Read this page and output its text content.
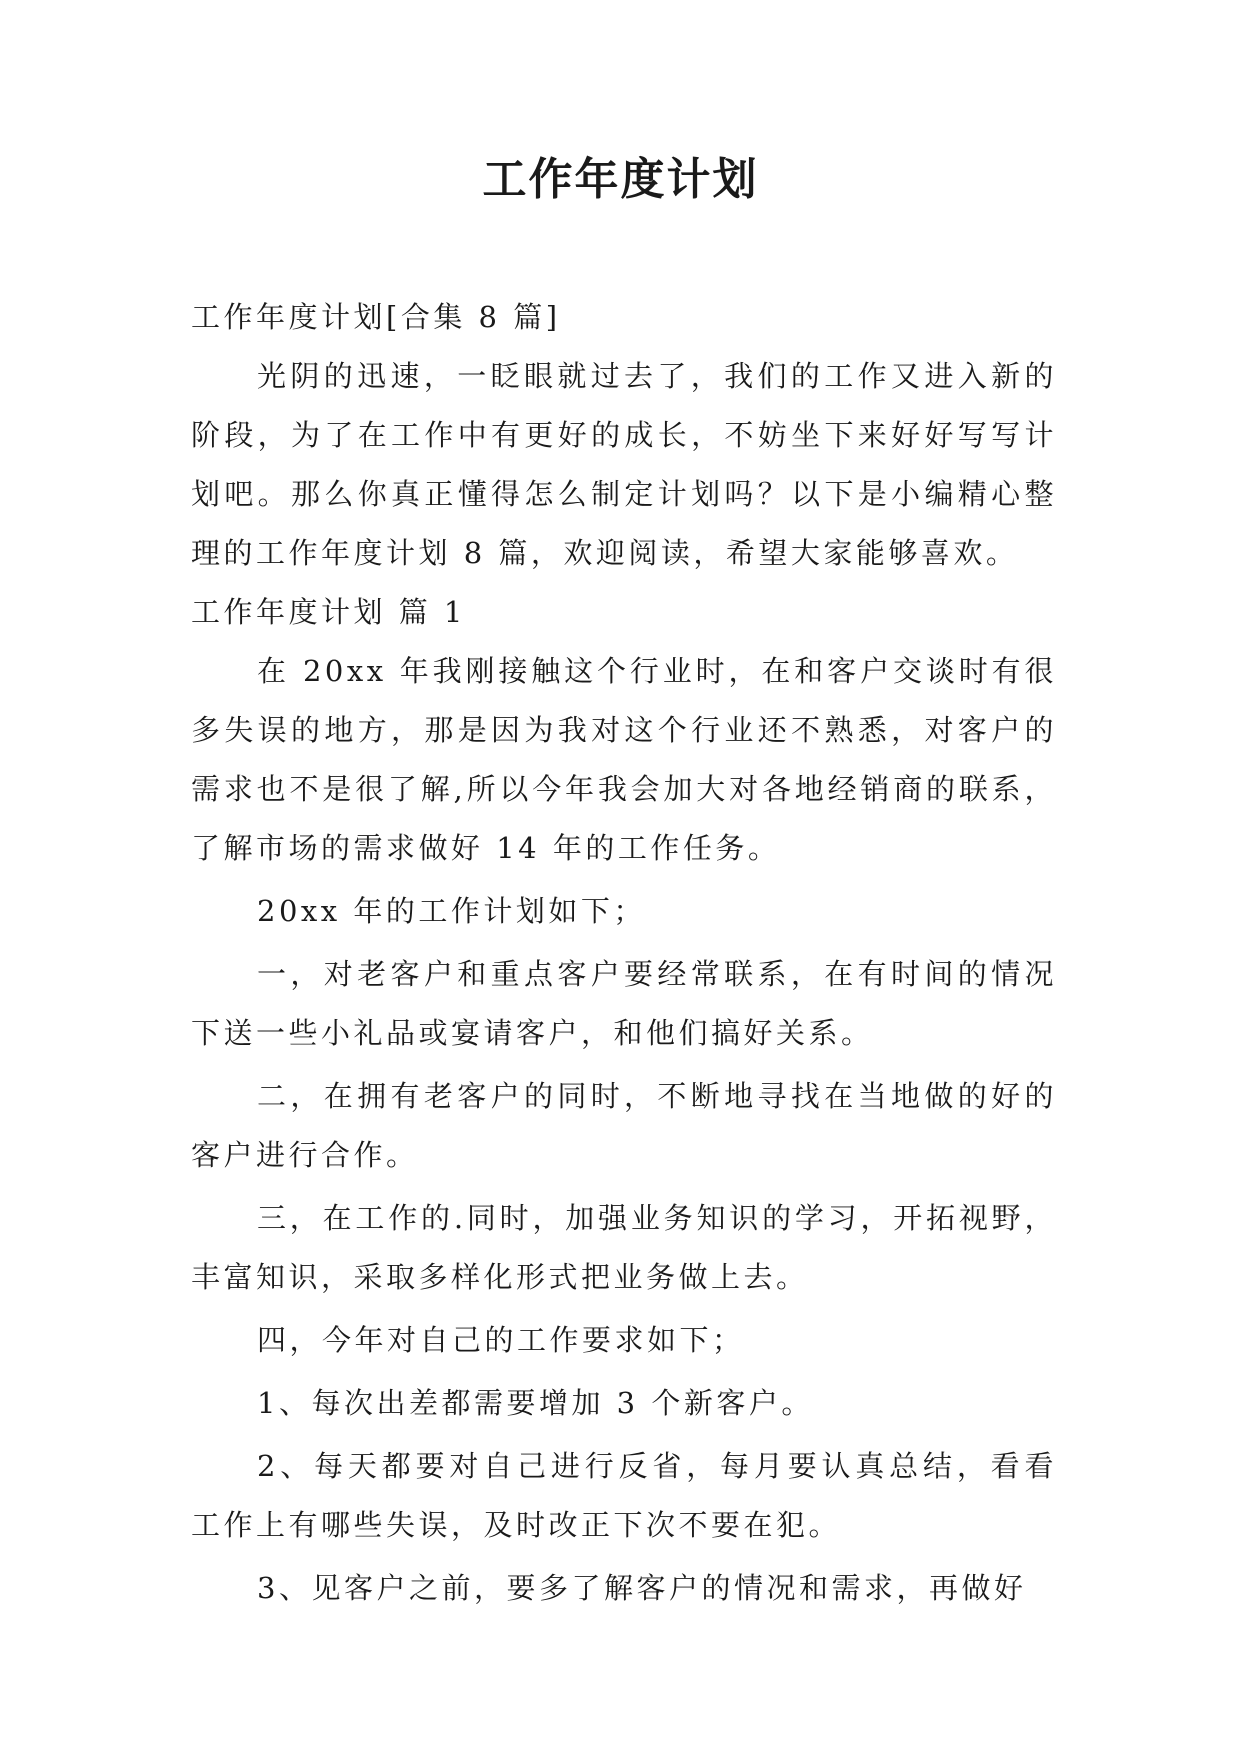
工作年度计划

工作年度计划[合集 8 篇]

光阴的迅速，一眨眼就过去了，我们的工作又进入新的阶段，为了在工作中有更好的成长，不妨坐下来好好写写计划吧。那么你真正懂得怎么制定计划吗？以下是小编精心整理的工作年度计划 8 篇，欢迎阅读，希望大家能够喜欢。

工作年度计划 篇 1

在 20xx 年我刚接触这个行业时，在和客户交谈时有很多失误的地方，那是因为我对这个行业还不熟悉，对客户的需求也不是很了解,所以今年我会加大对各地经销商的联系，了解市场的需求做好 14 年的工作任务。

20xx 年的工作计划如下；

一，对老客户和重点客户要经常联系，在有时间的情况下送一些小礼品或宴请客户，和他们搞好关系。

二，在拥有老客户的同时，不断地寻找在当地做的好的客户进行合作。

三，在工作的.同时，加强业务知识的学习，开拓视野，丰富知识，采取多样化形式把业务做上去。

四，今年对自己的工作要求如下；

1、每次出差都需要增加 3 个新客户。

2、每天都要对自己进行反省，每月要认真总结，看看工作上有哪些失误，及时改正下次不要在犯。

3、见客户之前，要多了解客户的情况和需求，再做好
